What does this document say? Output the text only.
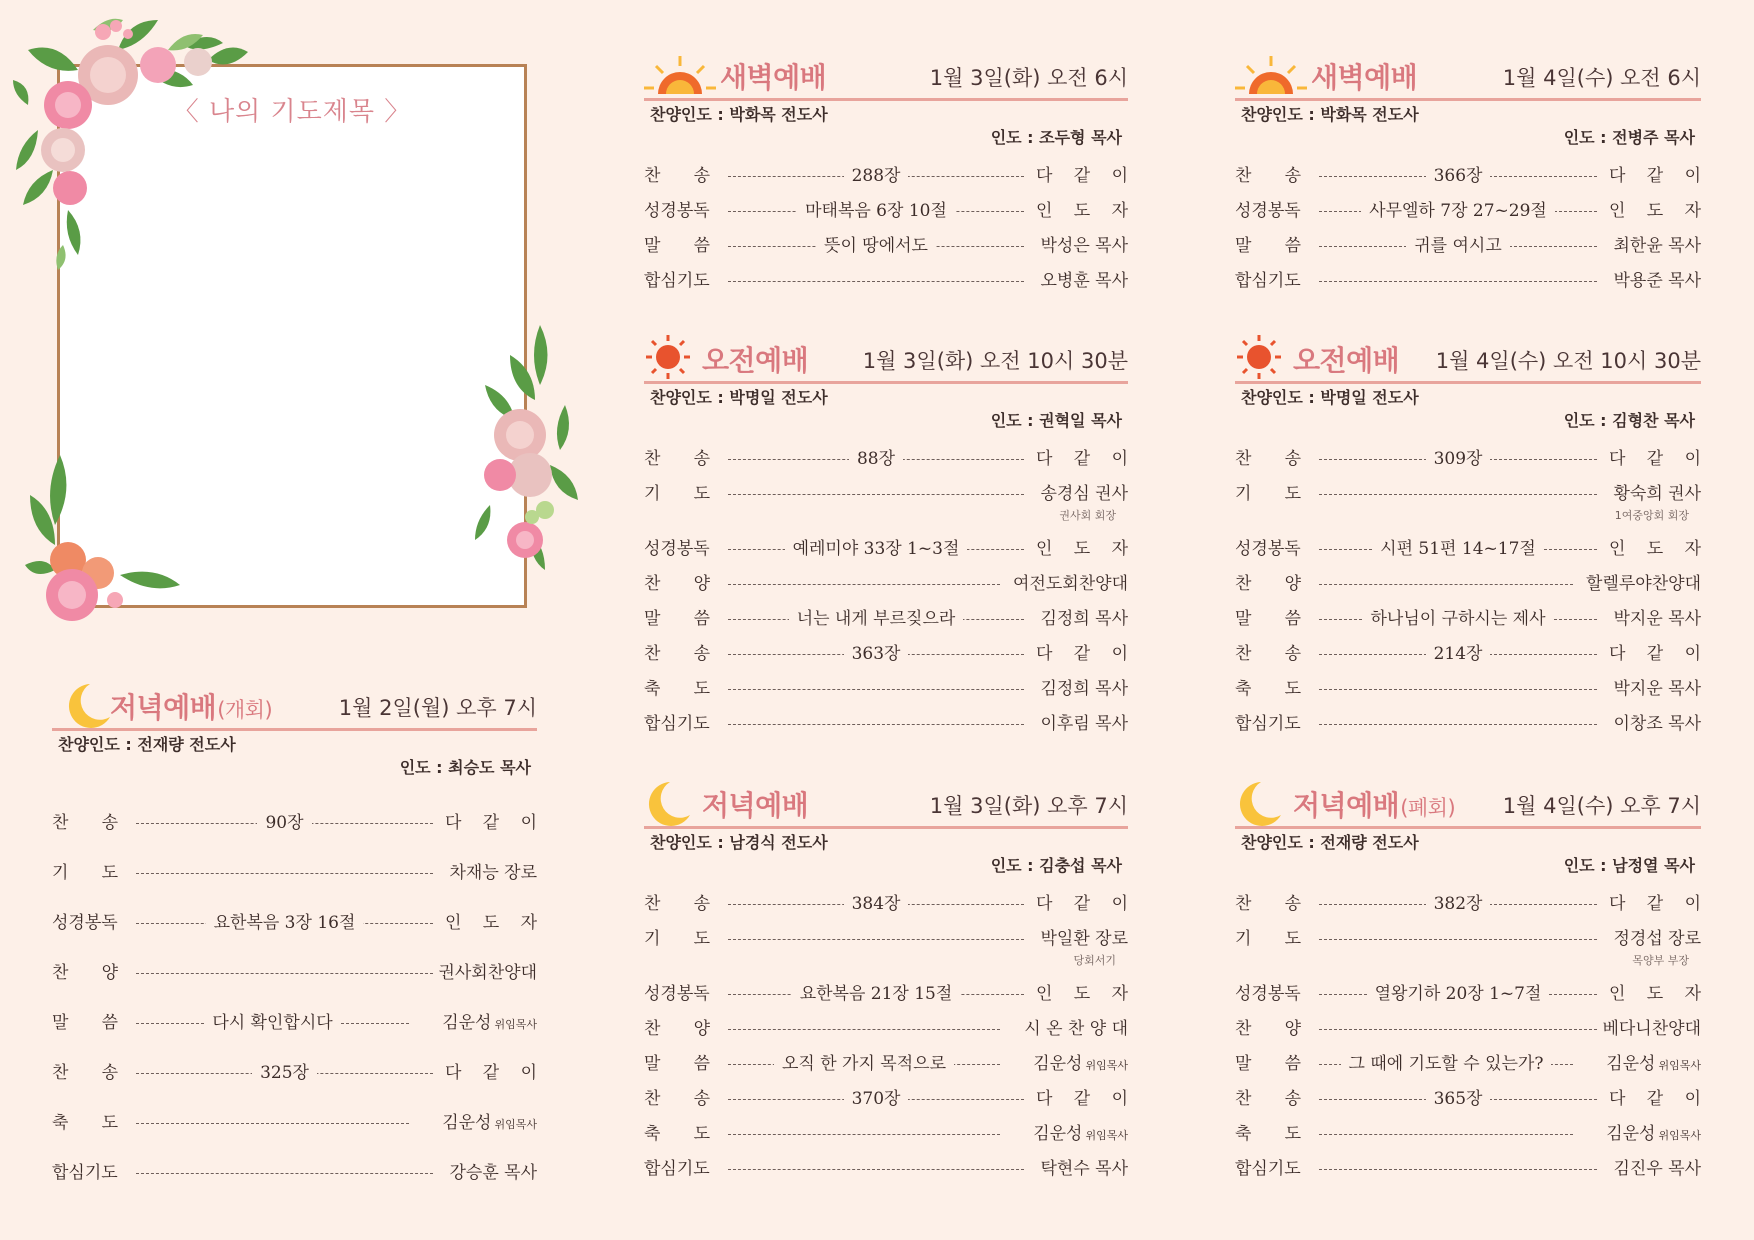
〈 나의 기도제목 〉
저녁예배(개회)	1월 2일(월) 오후 7시
찬양인도 : 전재량 전도사
인도 : 최승도 목사
찬 송	90장	다 같 이
기 도	차재능 장로
성경봉독	요한복음 3장 16절	인 도 자
찬 양	권사회찬양대
말 씀	다시 확인합시다	김운성 위임목사
찬 송	325장	다 같 이
축 도	김운성 위임목사
합심기도	강승훈 목사
새벽예배	1월 3일(화) 오전 6시
찬양인도 : 박화목 전도사
인도 : 조두형 목사
찬 송	288장	다 같 이
성경봉독	마태복음 6장 10절	인 도 자
말 씀	뜻이 땅에서도	박성은 목사
합심기도	오병훈 목사
오전예배	1월 3일(화) 오전 10시 30분
찬양인도 : 박명일 전도사
인도 : 권혁일 목사
찬 송	88장	다 같 이
기 도	송경심 권사
권사회 회장
성경봉독	예레미야 33장 1~3절	인 도 자
찬 양	여전도회찬양대
말 씀	너는 내게 부르짖으라	김정희 목사
찬 송	363장	다 같 이
축 도	김정희 목사
합심기도	이후림 목사
저녁예배	1월 3일(화) 오후 7시
찬양인도 : 남경식 전도사
인도 : 김충섭 목사
찬 송	384장	다 같 이
기 도	박일환 장로
당회서기
성경봉독	요한복음 21장 15절	인 도 자
찬 양	시 온 찬 양 대
말 씀	오직 한 가지 목적으로	김운성 위임목사
찬 송	370장	다 같 이
축 도	김운성 위임목사
합심기도	탁현수 목사
새벽예배	1월 4일(수) 오전 6시
찬양인도 : 박화목 전도사
인도 : 전병주 목사
찬 송	366장	다 같 이
성경봉독	사무엘하 7장 27~29절	인 도 자
말 씀	귀를 여시고	최한윤 목사
합심기도	박용준 목사
오전예배 1월 4일(수) 오전 10시 30분
찬양인도 : 박명일 전도사
인도 : 김형찬 목사
찬 송	309장	다 같 이
기 도	황숙희 권사
1여중앙회 회장
성경봉독	시편 51편 14~17절	인 도 자
찬 양	할렐루야찬양대
말 씀	하나님이 구하시는 제사	박지운 목사
찬 송	214장	다 같 이
축 도	박지운 목사
합심기도	이창조 목사
저녁예배(폐회) 1월 4일(수) 오후 7시
찬양인도 : 전재량 전도사
인도 : 남정열 목사
찬 송	382장	다 같 이
기 도	정경섭 장로
목양부 부장
성경봉독	열왕기하 20장 1~7절	인 도 자
찬 양	베다니찬양대
말 씀	그 때에 기도할 수 있는가?	김운성 위임목사
찬 송	365장	다 같 이
축 도	김운성 위임목사
합심기도	김진우 목사
